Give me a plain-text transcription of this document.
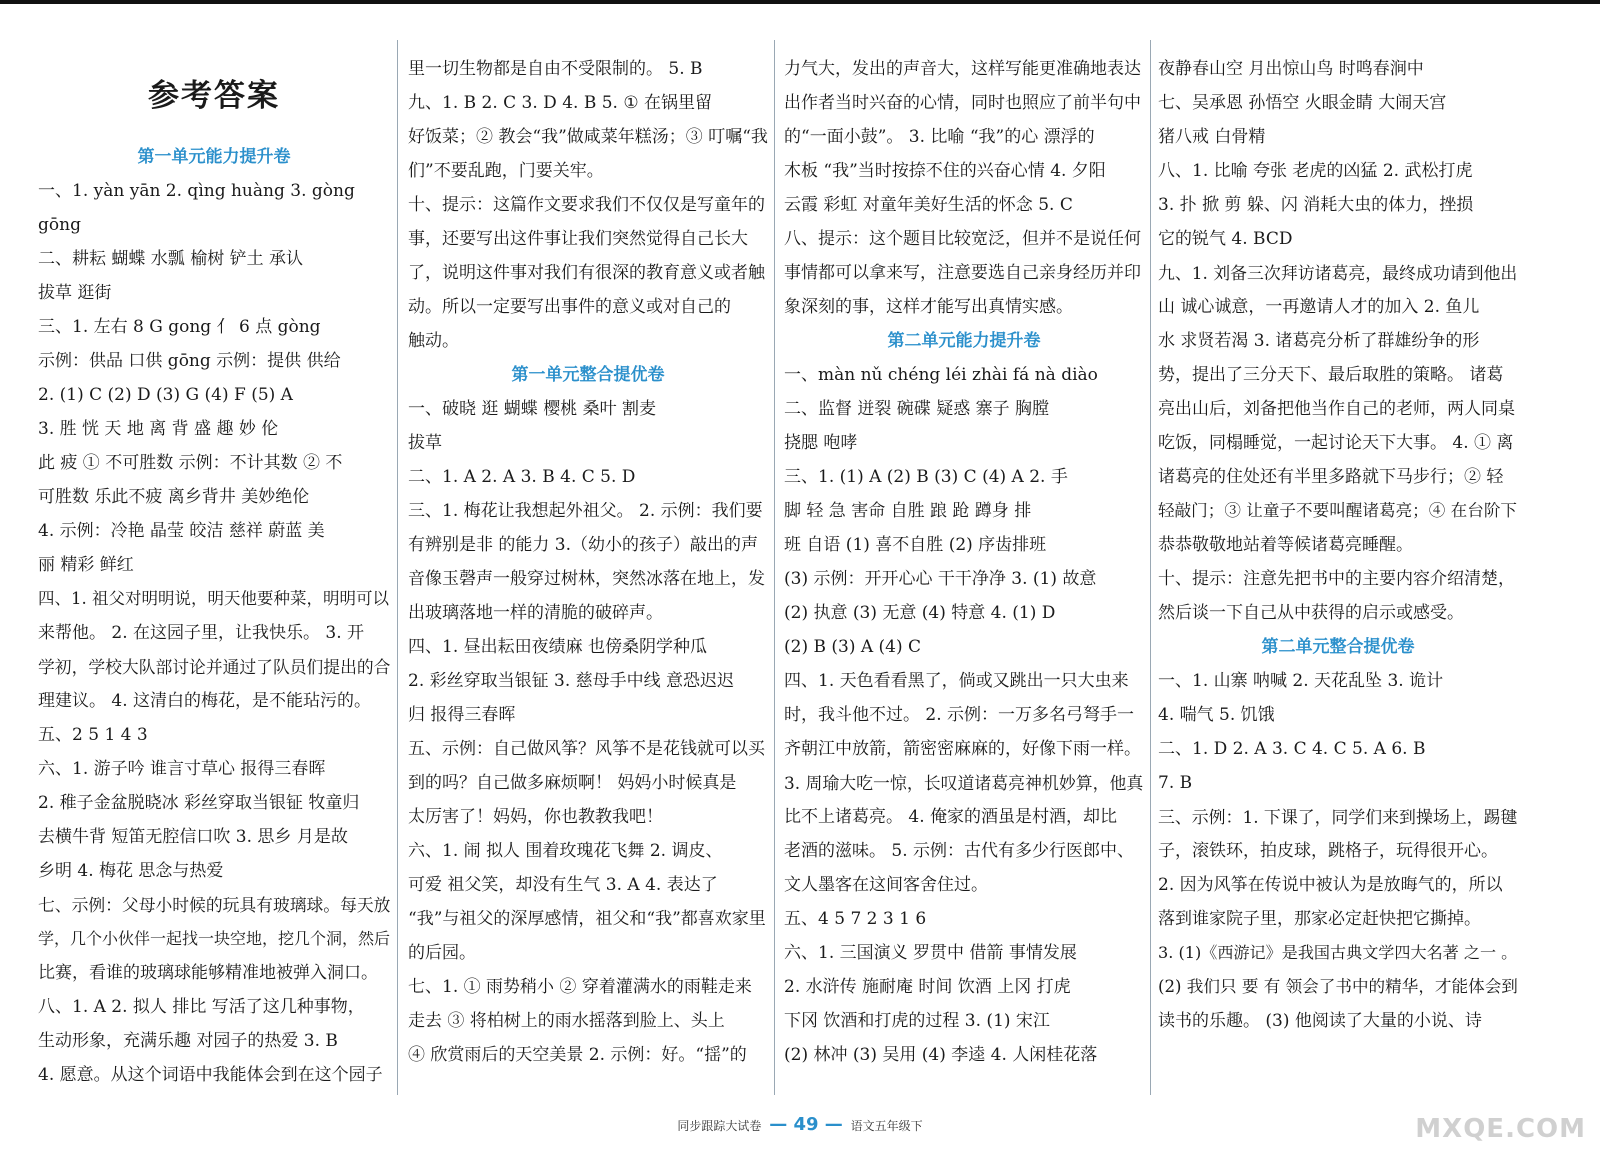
参考答案
第一单元能力提升卷
一、1. yàn yān 2. qìng huàng 3. gòng
gōng
二、耕耘 蝴蝶 水瓢 榆树 铲土 承认
拔草 逛街
三、1. 左右 8 G gong 亻 6 点 gòng
示例：供品 口供 gōng 示例：提供 供给
2. (1) C (2) D (3) G (4) F (5) A
3. 胜 恍 天 地 离 背 盛 趣 妙 伦
此 疲 ① 不可胜数 示例：不计其数 ② 不
可胜数 乐此不疲 离乡背井 美妙绝伦
4. 示例：冷艳 晶莹 皎洁 慈祥 蔚蓝 美
丽 精彩 鲜红
四、1. 祖父对明明说，明天他要种菜，明明可以
来帮他。 2. 在这园子里，让我快乐。 3. 开
学初，学校大队部讨论并通过了队员们提出的合
理建议。 4. 这清白的梅花，是不能玷污的。
五、2 5 1 4 3
六、1. 游子吟 谁言寸草心 报得三春晖
2. 稚子金盆脱晓冰 彩丝穿取当银钲 牧童归
去横牛背 短笛无腔信口吹 3. 思乡 月是故
乡明 4. 梅花 思念与热爱
七、示例：父母小时候的玩具有玻璃球。每天放
学，几个小伙伴一起找一块空地，挖几个洞，然后
比赛，看谁的玻璃球能够精准地被弹入洞口。
八、1. A 2. 拟人 排比 写活了这几种事物，
生动形象，充满乐趣 对园子的热爱 3. B
4. 愿意。从这个词语中我能体会到在这个园子
里一切生物都是自由不受限制的。 5. B
九、1. B 2. C 3. D 4. B 5. ① 在锅里留
好饭菜；② 教会“我”做咸菜年糕汤；③ 叮嘱“我
们”不要乱跑，门要关牢。
十、提示：这篇作文要求我们不仅仅是写童年的
事，还要写出这件事让我们突然觉得自己长大
了，说明这件事对我们有很深的教育意义或者触
动。所以一定要写出事件的意义或对自己的
触动。
第一单元整合提优卷
一、破晓 逛 蝴蝶 樱桃 桑叶 割麦
拔草
二、1. A 2. A 3. B 4. C 5. D
三、1. 梅花让我想起外祖父。 2. 示例：我们要
有辨别是非 的能力 3.（幼小的孩子）敲出的声
音像玉磬声一般穿过树林，突然冰落在地上，发
出玻璃落地一样的清脆的破碎声。
四、1. 昼出耘田夜绩麻 也傍桑阴学种瓜
2. 彩丝穿取当银钲 3. 慈母手中线 意恐迟迟
归 报得三春晖
五、示例：自己做风筝？风筝不是花钱就可以买
到的吗？自己做多麻烦啊！ 妈妈小时候真是
太厉害了！妈妈，你也教教我吧！
六、1. 闹 拟人 围着玫瑰花飞舞 2. 调皮、
可爱 祖父笑，却没有生气 3. A 4. 表达了
“我”与祖父的深厚感情，祖父和“我”都喜欢家里
的后园。
七、1. ① 雨势稍小 ② 穿着灌满水的雨鞋走来
走去 ③ 将柏树上的雨水摇落到脸上、头上
④ 欣赏雨后的天空美景 2. 示例：好。“揺”的
力气大，发出的声音大，这样写能更准确地表达
出作者当时兴奋的心情，同时也照应了前半句中
的“一面小鼓”。 3. 比喻 “我”的心 漂浮的
木板 “我”当时按捺不住的兴奋心情 4. 夕阳
云霞 彩虹 对童年美好生活的怀念 5. C
八、提示：这个题目比较宽泛，但并不是说任何
事情都可以拿来写，注意要选自己亲身经历并印
象深刻的事，这样才能写出真情实感。
第二单元能力提升卷
一、màn nǔ chéng léi zhài fá nà diào
二、监督 迸裂 碗碟 疑惑 寨子 胸膛
挠腮 咆哮
三、1. (1) A (2) B (3) C (4) A 2. 手
脚 轻 急 害命 自胜 踉 跄 蹲身 排
班 自语 (1) 喜不自胜 (2) 序齿排班
(3) 示例：开开心心 干干净净 3. (1) 故意
(2) 执意 (3) 无意 (4) 特意 4. (1) D
(2) B (3) A (4) C
四、1. 天色看看黑了，倘或又跳出一只大虫来
时，我斗他不过。 2. 示例：一万多名弓弩手一
齐朝江中放箭，箭密密麻麻的，好像下雨一样。
3. 周瑜大吃一惊，长叹道诸葛亮神机妙算，他真
比不上诸葛亮。 4. 俺家的酒虽是村酒，却比
老酒的滋味。 5. 示例：古代有多少行医郎中、
文人墨客在这间客舍住过。
五、4 5 7 2 3 1 6
六、1. 三国演义 罗贯中 借箭 事情发展
2. 水浒传 施耐庵 时间 饮酒 上冈 打虎
下冈 饮酒和打虎的过程 3. (1) 宋江
(2) 林冲 (3) 吴用 (4) 李逵 4. 人闲桂花落
夜静春山空 月出惊山鸟 时鸣春涧中
七、吴承恩 孙悟空 火眼金睛 大闹天宫
猪八戒 白骨精
八、1. 比喻 夸张 老虎的凶猛 2. 武松打虎
3. 扑 掀 剪 躲、闪 消耗大虫的体力，挫损
它的锐气 4. BCD
九、1. 刘备三次拜访诸葛亮，最终成功请到他出
山 诚心诚意，一再邀请人才的加入 2. 鱼儿
水 求贤若渴 3. 诸葛亮分析了群雄纷争的形
势，提出了三分天下、最后取胜的策略。 诸葛
亮出山后，刘备把他当作自己的老师，两人同桌
吃饭，同榻睡觉，一起讨论天下大事。 4. ① 离
诸葛亮的住处还有半里多路就下马步行；② 轻
轻敲门；③ 让童子不要叫醒诸葛亮；④ 在台阶下
恭恭敬敬地站着等候诸葛亮睡醒。
十、提示：注意先把书中的主要内容介绍清楚，
然后谈一下自己从中获得的启示或感受。
第二单元整合提优卷
一、1. 山寨 呐喊 2. 天花乱坠 3. 诡计
4. 喘气 5. 饥饿
二、1. D 2. A 3. C 4. C 5. A 6. B
7. B
三、示例：1. 下课了，同学们来到操场上，踢毽
子，滚铁环，拍皮球，跳格子，玩得很开心。
2. 因为风筝在传说中被认为是放晦气的，所以
落到谁家院子里，那家必定赶快把它撕掉。
3. (1)《西游记》是我国古典文学四大名著 之一 。
(2) 我们只 要 有 领会了书中的精华，才能体会到
读书的乐趣。 (3) 他阅读了大量的小说、诗
同步跟踪大试卷 — 49 — 语文五年级下	MXQE.COM
